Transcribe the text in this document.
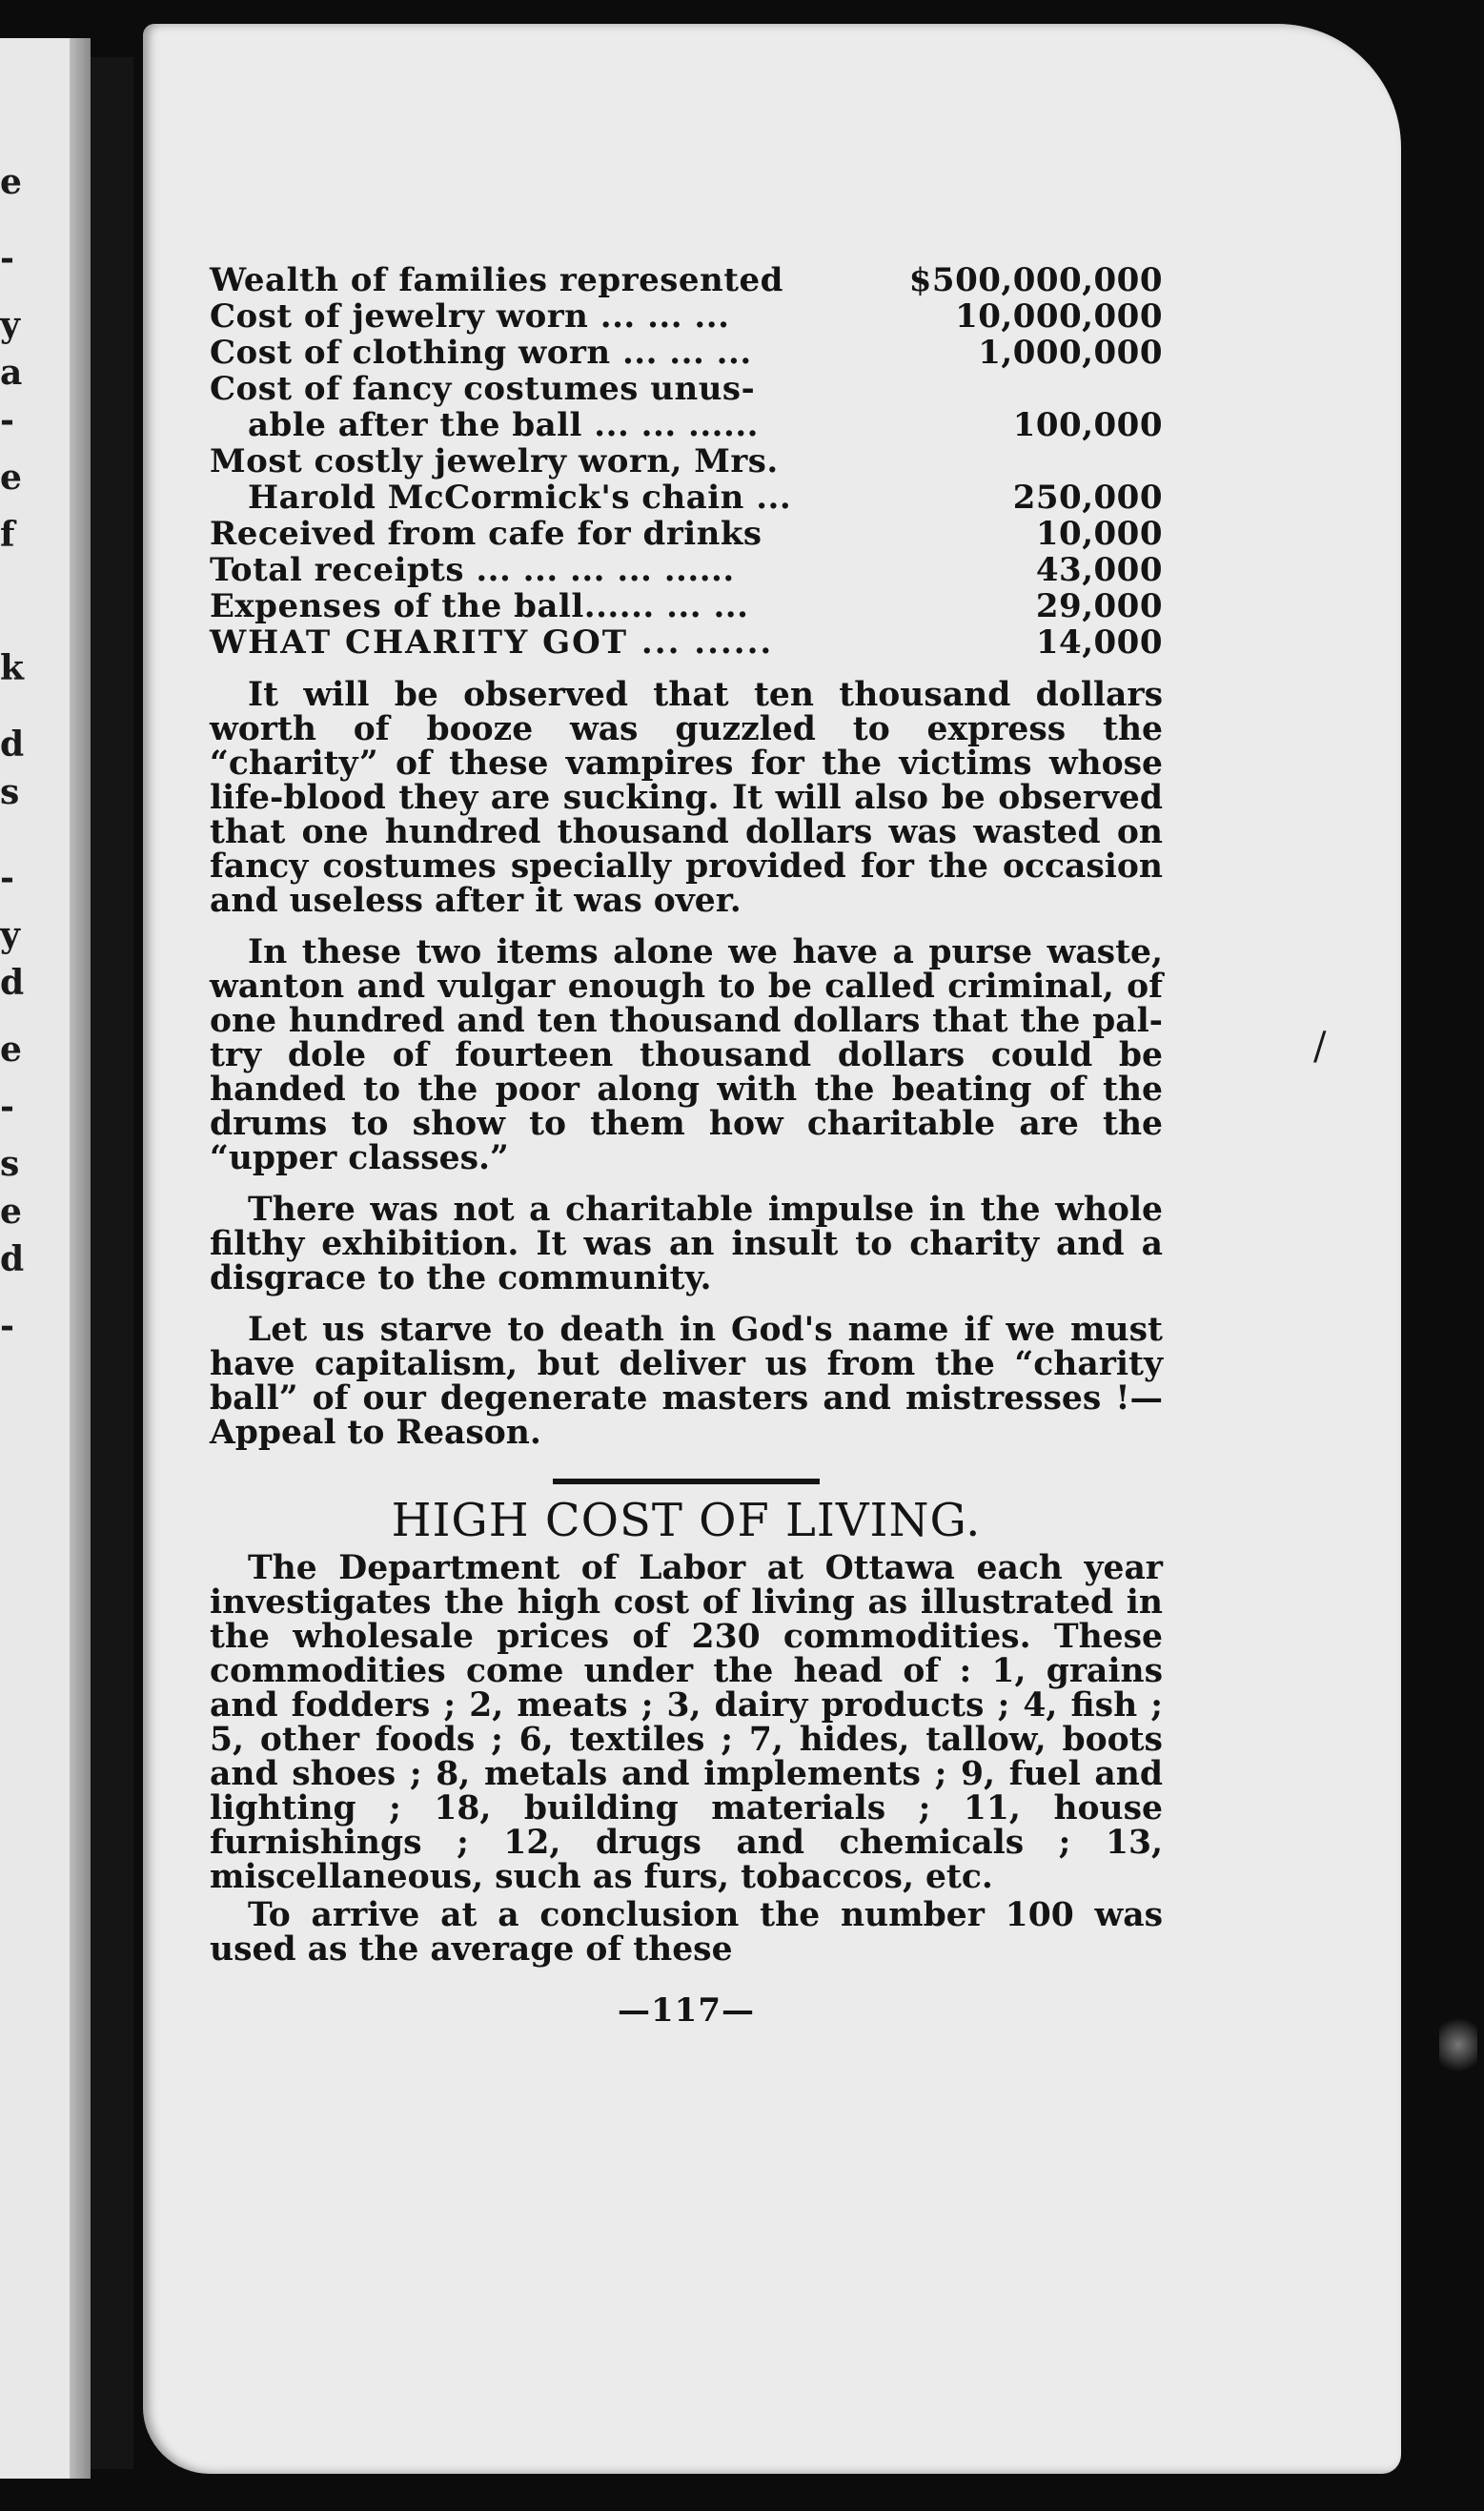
e
-
y
a
-
e
f
k
d
s
-
y
d
e
-
s
e
d
-
Wealth of families represented	$500,000,000
Cost of jewelry worn ... ... ...	10,000,000
Cost of clothing worn ... ... ...	1,000,000
Cost of fancy costumes unus-
able after the ball ... ... ......	100,000
Most costly jewelry worn, Mrs.
Harold McCormick's chain ...	250,000
Received from cafe for drinks	10,000
Total receipts ... ... ... ... ......	43,000
Expenses of the ball...... ... ...	29,000
WHAT CHARITY GOT ... ......	14,000

It will be observed that ten thousand dollars worth of booze was guzzled to express the “charity” of these vampires for the victims whose life-blood they are sucking. It will also be observed that one hundred thousand dollars was wasted on fancy costumes specially provided for the occasion and useless after it was over.

In these two items alone we have a purse waste, wanton and vulgar enough to be called criminal, of one hundred and ten thousand dollars that the paltry dole of fourteen thousand dollars could be handed to the poor along with the beating of the drums to show to them how charitable are the “upper classes.”

There was not a charitable impulse in the whole filthy exhibition. It was an insult to charity and a disgrace to the community.

Let us starve to death in God's name if we must have capitalism, but deliver us from the “charity ball” of our degenerate masters and mistresses !—Appeal to Reason.

HIGH COST OF LIVING.

The Department of Labor at Ottawa each year investigates the high cost of living as illustrated in the wholesale prices of 230 commodities. These commodities come under the head of : 1, grains and fodders ; 2, meats ; 3, dairy products ; 4, fish ; 5, other foods ; 6, textiles ; 7, hides, tallow, boots and shoes ; 8, metals and implements ; 9, fuel and lighting ; 18, building materials ; 11, house furnishings ; 12, drugs and chemicals ; 13, miscellaneous, such as furs, tobaccos, etc.

To arrive at a conclusion the number 100 was used as the average of these

—117—
/
